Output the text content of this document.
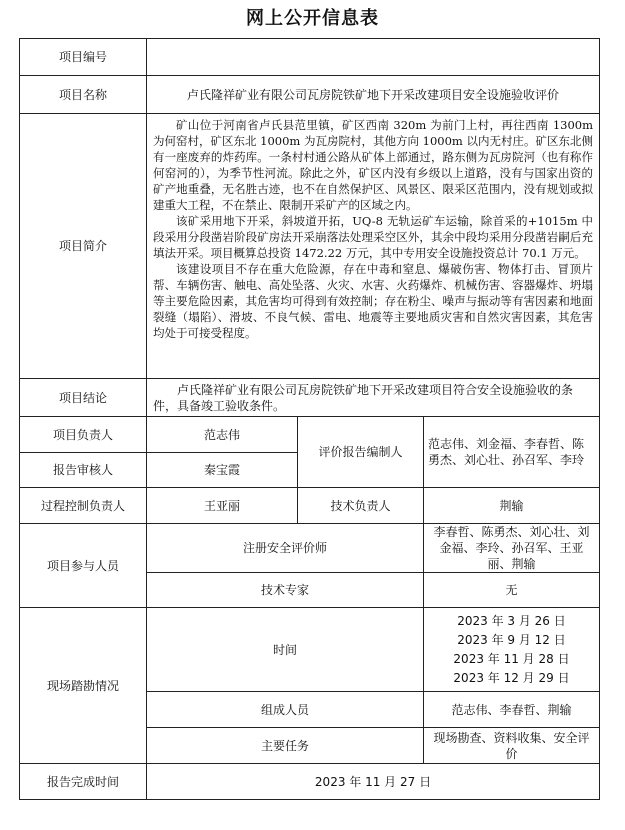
网上公开信息表
项目编号			
项目名称	卢氏隆祥矿业有限公司瓦房院铁矿地下开采改建项目安全设施验收评价		
项目简介	矿山位于河南省卢氏县范里镇，矿区西南 320m 为前门上村，再往西南 1300m 为何窑村，矿区东北 1000m 为瓦房院村，其他方向 1000m 以内无村庄。矿区东北侧有一座废弃的炸药库。一条村村通公路从矿体上部通过，路东侧为瓦房院河（也有称作何窑河的），为季节性河流。除此之外，矿区内没有乡级以上道路，没有与国家出资的矿产地重叠，无名胜古迹，也不在自然保护区、风景区、限采区范围内，没有规划或拟建重大工程，不在禁止、限制开采矿产的区域之内。

该矿采用地下开采，斜坡道开拓，UQ-8 无轨运矿车运输，除首采的+1015m 中段采用分段凿岩阶段矿房法开采崩落法处理采空区外，其余中段均采用分段凿岩嗣后充填法开采。项目概算总投资 1472.22 万元，其中专用安全设施投资总计 70.1 万元。

该建设项目不存在重大危险源，存在中毒和窒息、爆破伤害、物体打击、冒顶片帮、车辆伤害、触电、高处坠落、火灾、水害、火药爆炸、机械伤害、容器爆炸、坍塌等主要危险因素，其危害均可得到有效控制；存在粉尘、噪声与振动等有害因素和地面裂缝（塌陷）、滑坡、不良气候、雷电、地震等主要地质灾害和自然灾害因素，其危害均处于可接受程度。		

项目结论	卢氏隆祥矿业有限公司瓦房院铁矿地下开采改建项目符合安全设施验收的条件，具备竣工验收条件。		

项目负责人	范志伟	评价报告编制人	范志伟、刘金福、李春哲、陈勇杰、刘心壮、孙召军、李玲
报告审核人	秦宝霞		
过程控制负责人	王亚丽	技术负责人	荆输
项目参与人员	注册安全评价师		李春哲、陈勇杰、刘心壮、刘金福、李玲、孙召军、王亚丽、荆输
	技术专家		无
现场踏勘情况	时间		2023 年 3 月 26 日
2023 年 9 月 12 日
2023 年 11 月 28 日
2023 年 12 月 29 日

	组成人员		范志伟、李春哲、荆输
	主要任务		现场勘查、资料收集、安全评价
报告完成时间	2023 年 11 月 27 日		
